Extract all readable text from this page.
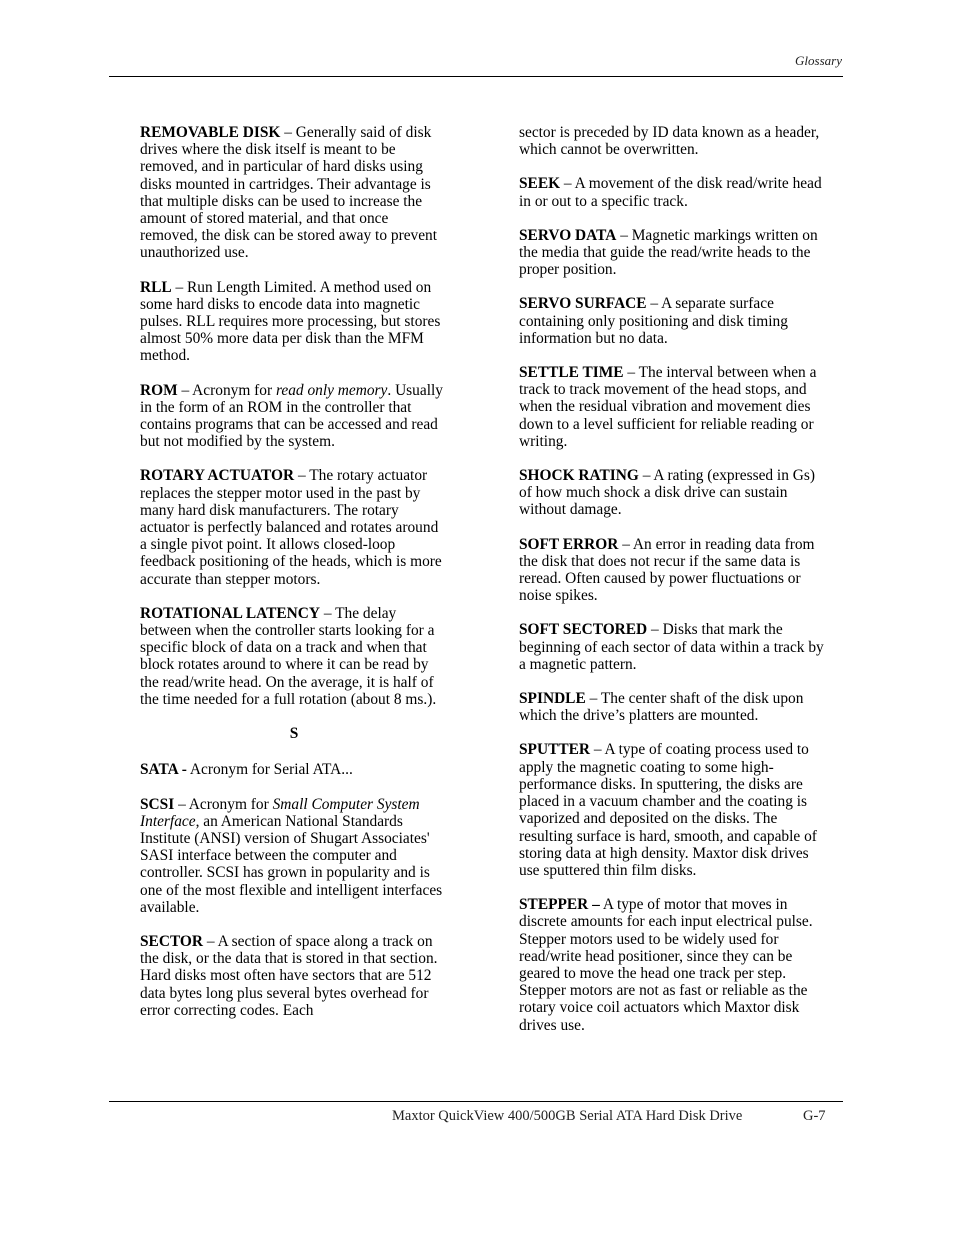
Glossary

REMOVABLE DISK – Generally said of disk drives where the disk itself is meant to be removed, and in particular of hard disks using disks mounted in cartridges. Their advantage is that multiple disks can be used to increase the amount of stored material, and that once removed, the disk can be stored away to prevent unauthorized use.

RLL – Run Length Limited. A method used on some hard disks to encode data into magnetic pulses. RLL requires more processing, but stores almost 50% more data per disk than the MFM method.

ROM – Acronym for read only memory. Usually in the form of an ROM in the controller that contains programs that can be accessed and read but not modified by the system.

ROTARY ACTUATOR – The rotary actuator replaces the stepper motor used in the past by many hard disk manufacturers. The rotary actuator is perfectly balanced and rotates around a single pivot point. It allows closed-loop feedback positioning of the heads, which is more accurate than stepper motors.

ROTATIONAL LATENCY – The delay between when the controller starts looking for a specific block of data on a track and when that block rotates around to where it can be read by the read/write head. On the average, it is half of the time needed for a full rotation (about 8 ms.).

S

SATA - Acronym for Serial ATA...

SCSI – Acronym for Small Computer System Interface, an American National Standards Institute (ANSI) version of Shugart Associates' SASI interface between the computer and controller. SCSI has grown in popularity and is one of the most flexible and intelligent interfaces available.

SECTOR – A section of space along a track on the disk, or the data that is stored in that section. Hard disks most often have sectors that are 512 data bytes long plus several bytes overhead for error correcting codes. Each

sector is preceded by ID data known as a header, which cannot be overwritten.

SEEK – A movement of the disk read/write head in or out to a specific track.

SERVO DATA – Magnetic markings written on the media that guide the read/write heads to the proper position.

SERVO SURFACE – A separate surface containing only positioning and disk timing information but no data.

SETTLE TIME – The interval between when a track to track movement of the head stops, and when the residual vibration and movement dies down to a level sufficient for reliable reading or writing.

SHOCK RATING – A rating (expressed in Gs) of how much shock a disk drive can sustain without damage.

SOFT ERROR – An error in reading data from the disk that does not recur if the same data is reread. Often caused by power fluctuations or noise spikes.

SOFT SECTORED – Disks that mark the beginning of each sector of data within a track by a magnetic pattern.

SPINDLE – The center shaft of the disk upon which the drive’s platters are mounted.

SPUTTER – A type of coating process used to apply the magnetic coating to some high-performance disks. In sputtering, the disks are placed in a vacuum chamber and the coating is vaporized and deposited on the disks. The resulting surface is hard, smooth, and capable of storing data at high density. Maxtor disk drives use sputtered thin film disks.

STEPPER – A type of motor that moves in discrete amounts for each input electrical pulse. Stepper motors used to be widely used for read/write head positioner, since they can be geared to move the head one track per step. Stepper motors are not as fast or reliable as the rotary voice coil actuators which Maxtor disk drives use.

Maxtor QuickView 400/500GB Serial ATA Hard Disk Drive	G-7
